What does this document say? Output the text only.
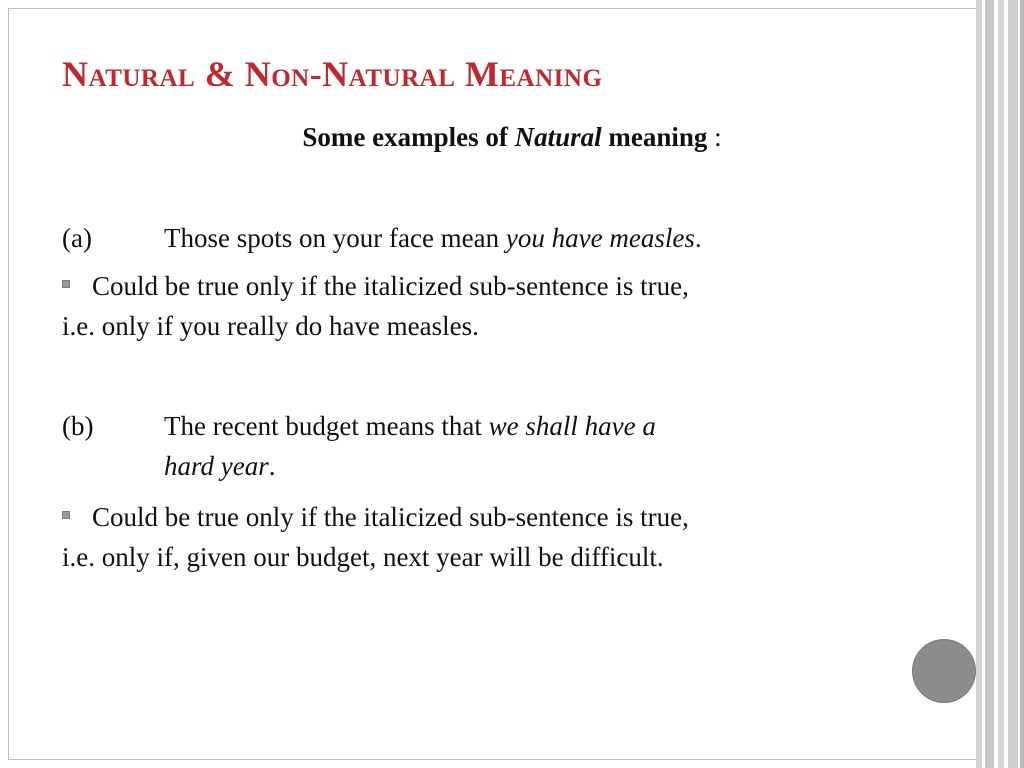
Natural & Non-Natural Meaning
Some examples of Natural meaning :
(a)	Those spots on your face mean you have measles.
Could be true only if the italicized sub-sentence is true,
i.e. only if you really do have measles.
(b)	The recent budget means that we shall have a
hard year.
Could be true only if the italicized sub-sentence is true,
i.e. only if, given our budget, next year will be difficult.
